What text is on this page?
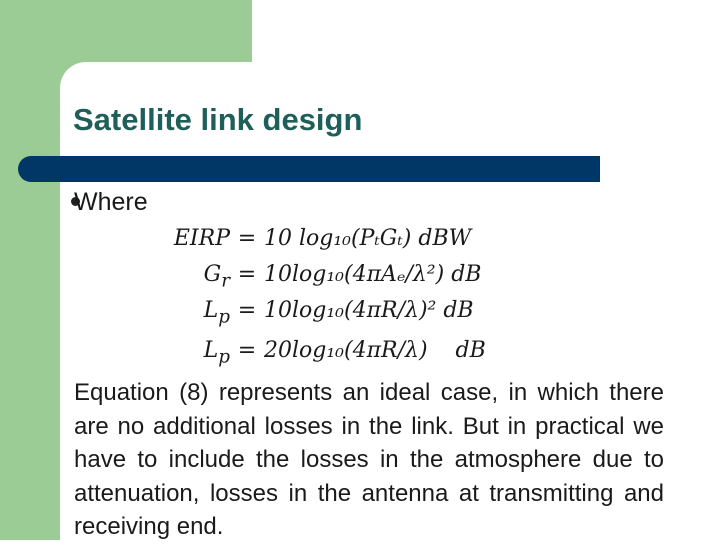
Satellite link design
Where
EIRP = 10 log₁₀(PₜGₜ) dBW
$G_r = 10\log_{10}(4\pi A_e/\lambda^2)$ dB
$L_p = 10\log_{10}(4\pi R/\lambda)^2$ dB
$L_p = 20\log_{10}(4\pi R/\lambda)$    dB

Equation (8) represents an ideal case, in which there are no additional losses in the link. But in practical we have to include the losses in the atmosphere due to attenuation, losses in the antenna at transmitting and receiving end.
